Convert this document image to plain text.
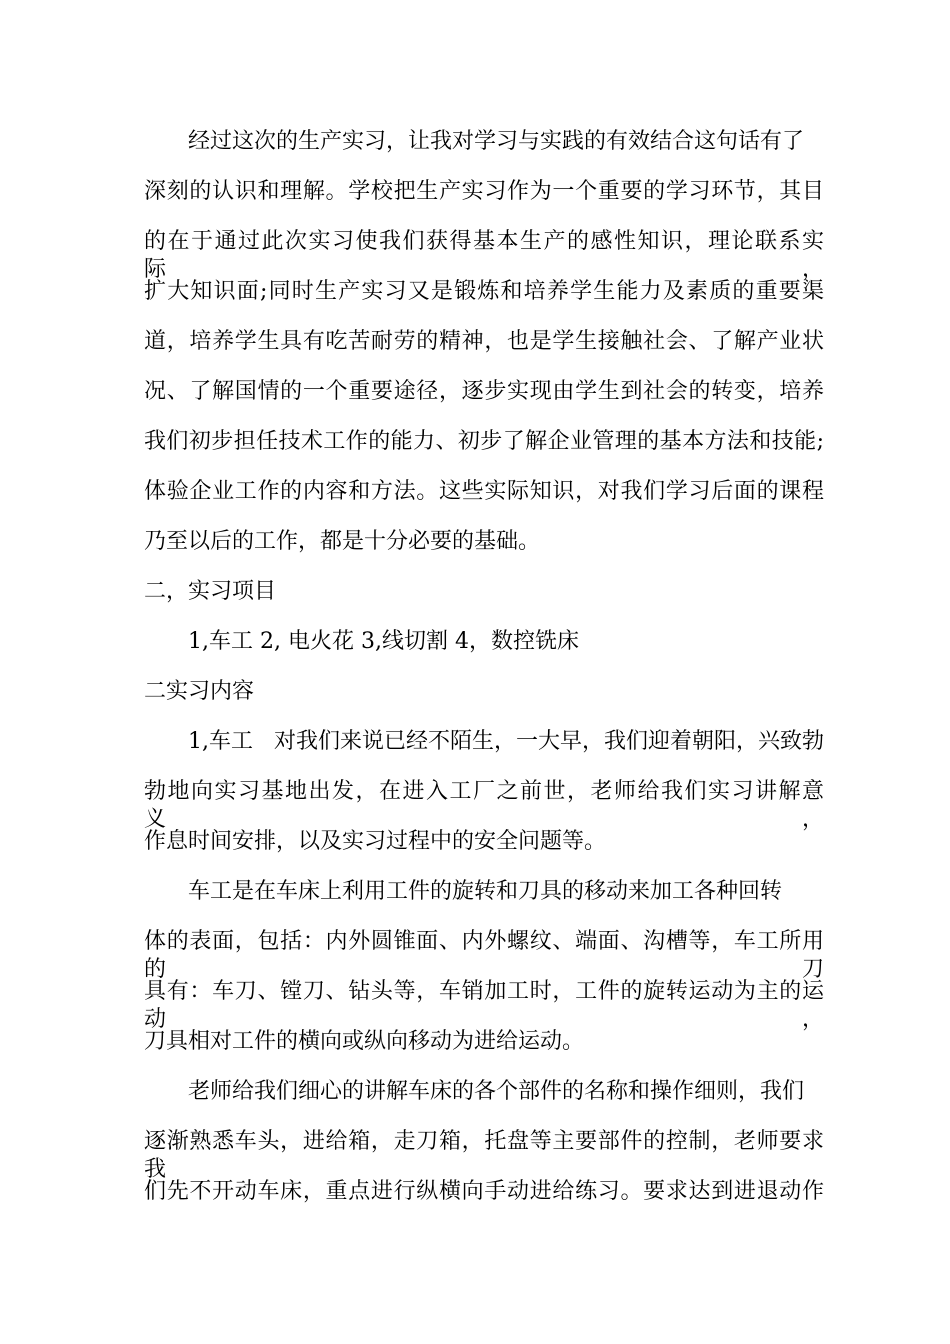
经过这次的生产实习，让我对学习与实践的有效结合这句话有了
深刻的认识和理解。学校把生产实习作为一个重要的学习环节，其目
的在于通过此次实习使我们获得基本生产的感性知识，理论联系实际，
扩大知识面;同时生产实习又是锻炼和培养学生能力及素质的重要渠
道，培养学生具有吃苦耐劳的精神，也是学生接触社会、了解产业状
况、了解国情的一个重要途径，逐步实现由学生到社会的转变，培养
我们初步担任技术工作的能力、初步了解企业管理的基本方法和技能;
体验企业工作的内容和方法。这些实际知识，对我们学习后面的课程
乃至以后的工作，都是十分必要的基础。
二，实习项目
1,车工 2, 电火花 3,线切割 4，数控铣床
二实习内容
1,车工   对我们来说已经不陌生，一大早，我们迎着朝阳，兴致勃
勃地向实习基地出发，在进入工厂之前世，老师给我们实习讲解意义，
作息时间安排，以及实习过程中的安全问题等。
车工是在车床上利用工件的旋转和刀具的移动来加工各种回转
体的表面，包括：内外圆锥面、内外螺纹、端面、沟槽等，车工所用的刀
具有：车刀、镗刀、钻头等，车销加工时，工件的旋转运动为主的运动，
刀具相对工件的横向或纵向移动为进给运动。
老师给我们细心的讲解车床的各个部件的名称和操作细则，我们
逐渐熟悉车头，进给箱，走刀箱，托盘等主要部件的控制，老师要求我
们先不开动车床，重点进行纵横向手动进给练习。要求达到进退动作
